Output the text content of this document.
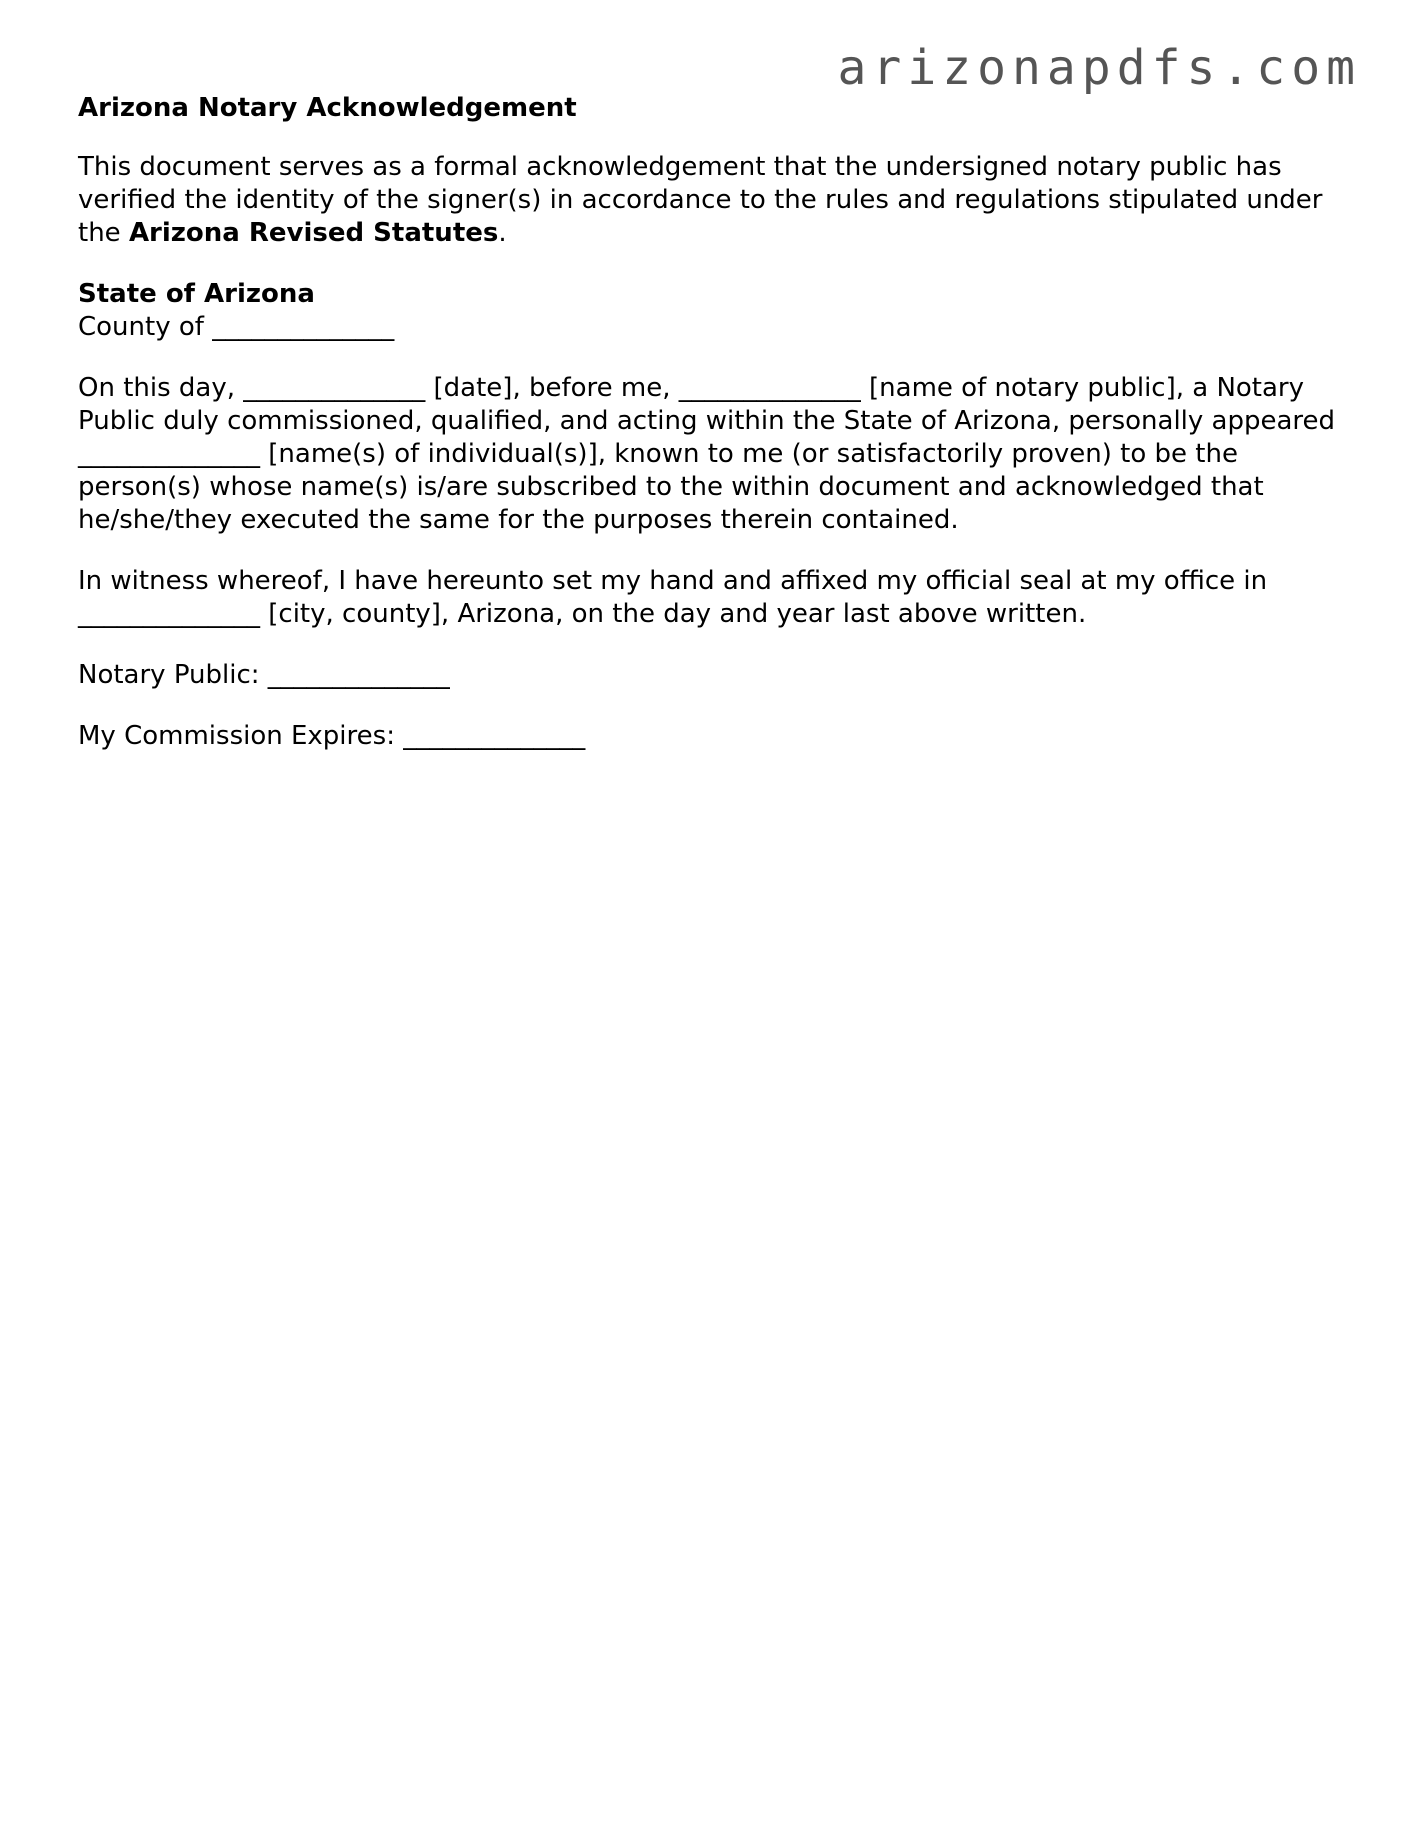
arizonapdfs.com
Arizona Notary Acknowledgement

This document serves as a formal acknowledgement that the undersigned notary public has verified the identity of the signer(s) in accordance to the rules and regulations stipulated under the Arizona Revised Statutes.

State of Arizona
County of ______________

On this day, ______________ [date], before me, ______________ [name of notary public], a Notary Public duly commissioned, qualified, and acting within the State of Arizona, personally appeared ______________ [name(s) of individual(s)], known to me (or satisfactorily proven) to be the person(s) whose name(s) is/are subscribed to the within document and acknowledged that he/she/they executed the same for the purposes therein contained.

In witness whereof, I have hereunto set my hand and affixed my official seal at my office in ______________ [city, county], Arizona, on the day and year last above written.

Notary Public: ______________

My Commission Expires: ______________
